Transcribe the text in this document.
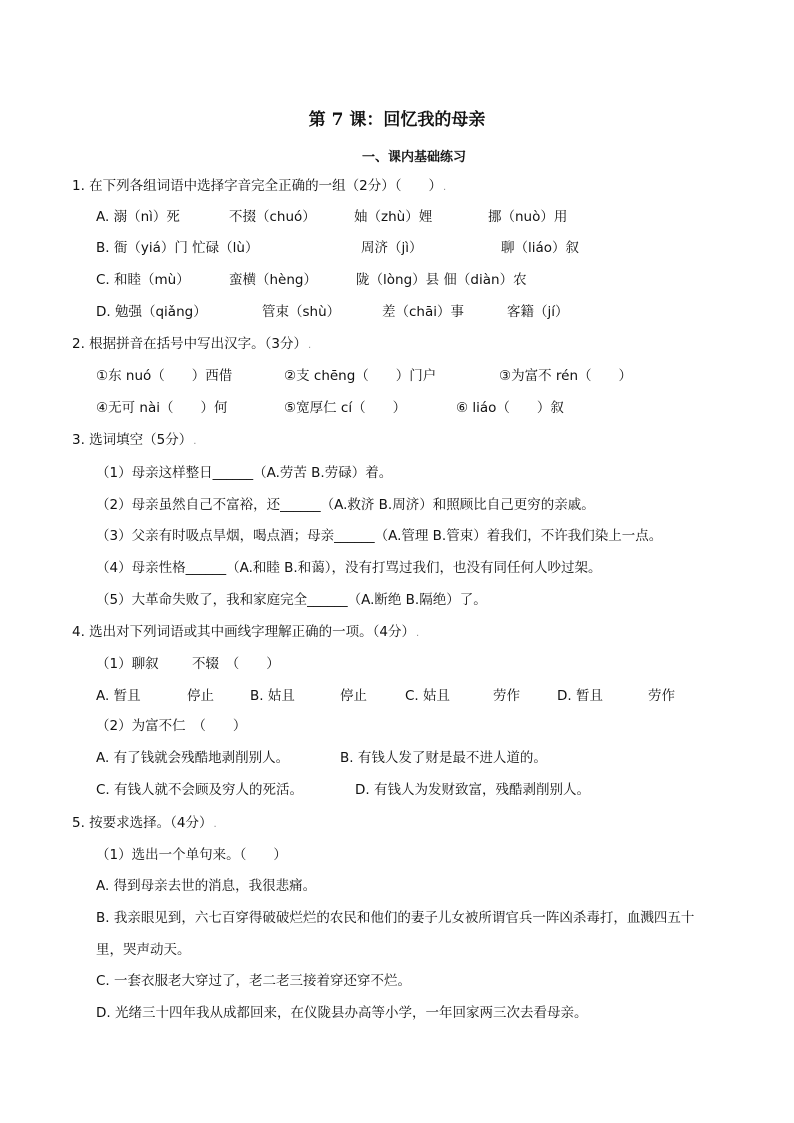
第 7 课：回忆我的母亲
一、课内基础练习
1. 在下列各组词语中选择字音完全正确的一组（2分）（　　）.
A. 溺（nì）死	不掇（chuó）	妯（zhù）娌	挪（nuò）用
B. 衙（yiá）门 忙碌（lù）	周济（jì）	聊（liáo）叙
C. 和睦（mù）	蛮横（hèng）	陇（lòng）县 佃（diàn）农
D. 勉强（qiǎng）	管束（shù）	差（chāi）事	客籍（jí）
2. 根据拼音在括号中写出汉字。（3分）.
①东 nuó（　　）西借	②支 chēng（　　）门户	③为富不 rén（　　）
④无可 nài（　　）何	⑤宽厚仁 cí（　　）	⑥ liáo（　　）叙
3. 选词填空（5分）.
（1）母亲这样整日______（A.劳苦 B.劳碌）着。
（2）母亲虽然自己不富裕，还______（A.救济 B.周济）和照顾比自己更穷的亲戚。
（3）父亲有时吸点旱烟，喝点酒；母亲______（A.管理 B.管束）着我们，不许我们染上一点。
（4）母亲性格______（A.和睦 B.和蔼），没有打骂过我们，也没有同任何人吵过架。
（5）大革命失败了，我和家庭完全______（A.断绝 B.隔绝）了。
4. 选出对下列词语或其中画线字理解正确的一项。（4分）.
（1）聊叙 不辍　（　　）
A. 暂且	停止	B. 姑且	停止	C. 姑且	劳作	D. 暂且	劳作
（2）为富不仁　（　　）
A. 有了钱就会残酷地剥削别人。	B. 有钱人发了财是最不进人道的。
C. 有钱人就不会顾及穷人的死活。	D. 有钱人为发财致富，残酷剥削别人。
5. 按要求选择。（4分）.
（1）选出一个单句来。（　　）
A. 得到母亲去世的消息，我很悲痛。
B. 我亲眼见到，六七百穿得破破烂烂的农民和他们的妻子儿女被所谓官兵一阵凶杀毒打，血溅四五十
里，哭声动天。
C. 一套衣服老大穿过了，老二老三接着穿还穿不烂。
D. 光绪三十四年我从成都回来，在仪陇县办高等小学，一年回家两三次去看母亲。
